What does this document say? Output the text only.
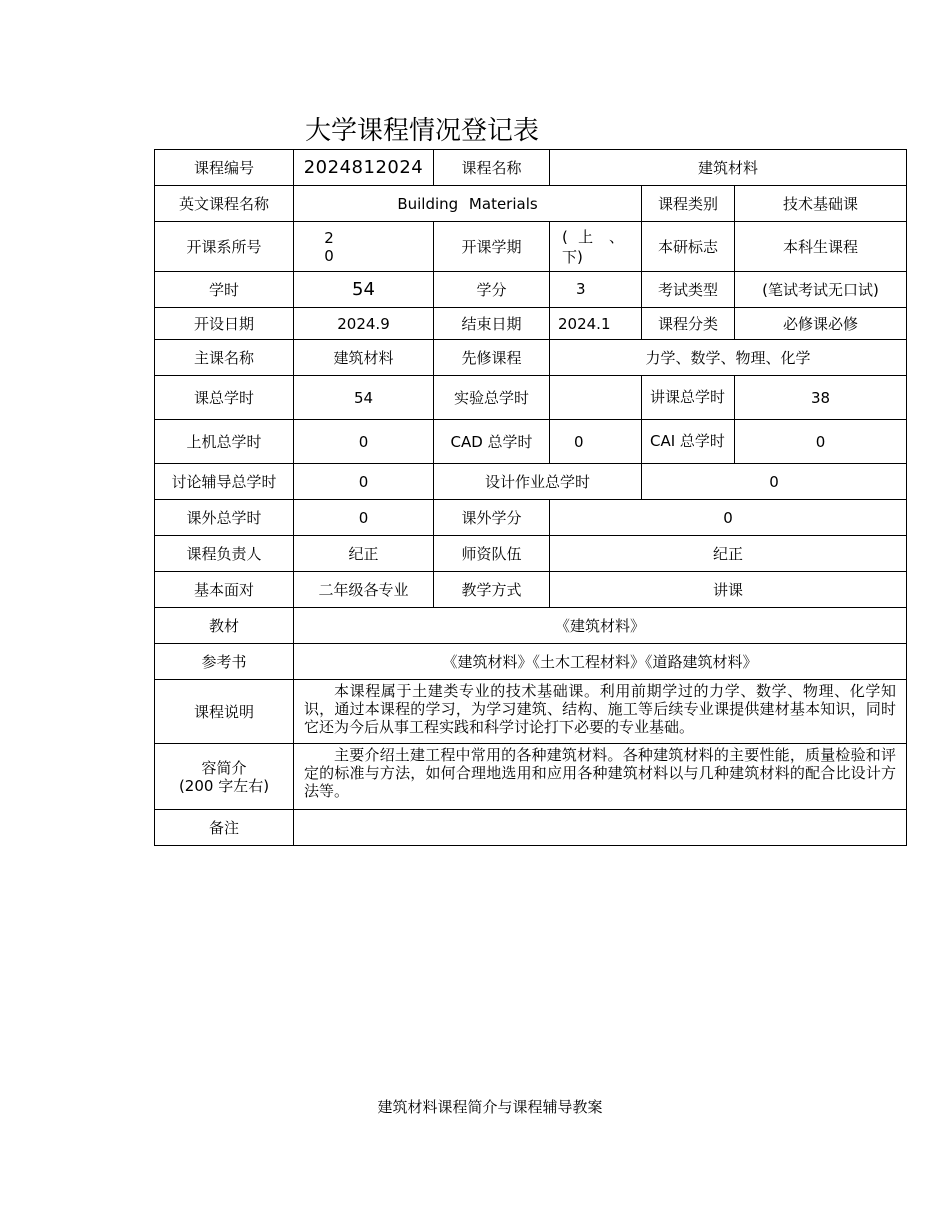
大学课程情况登记表
课程编号	2024812024	课程名称	建筑材料		
英文课程名称	Building Materials			课程类别	技术基础课
开课系所号	20	开课学期	( 上 、 下)	本研标志	本科生课程
学时	54	学分	3	考试类型	(笔试考试无口试)
开设日期	2024.9	结束日期	2024.1	课程分类	必修课必修
主课名称	建筑材料	先修课程	力学、数学、物理、化学		
课总学时	54	实验总学时		讲课总学时	38
上机总学时	0	CAD 总学时	0	CAI 总学时	0
讨论辅导总学时	0	设计作业总学时		0	
课外总学时	0	课外学分	0		
课程负责人	纪正	师资队伍	纪正		
基本面对	二年级各专业	教学方式	讲课		
教材	《建筑材料》				
参考书	《建筑材料》《土木工程材料》《道路建筑材料》				
课程说明	本课程属于土建类专业的技术基础课。利用前期学过的力学、数学、物理、化学知识，通过本课程的学习，为学习建筑、结构、施工等后续专业课提供建材基本知识，同时它还为今后从事工程实践和科学讨论打下必要的专业基础。				

容简介
(200 字左右)	主要介绍土建工程中常用的各种建筑材料。各种建筑材料的主要性能，质量检验和评定的标准与方法，如何合理地选用和应用各种建筑材料以与几种建筑材料的配合比设计方法等。				
备注					
建筑材料课程简介与课程辅导教案
